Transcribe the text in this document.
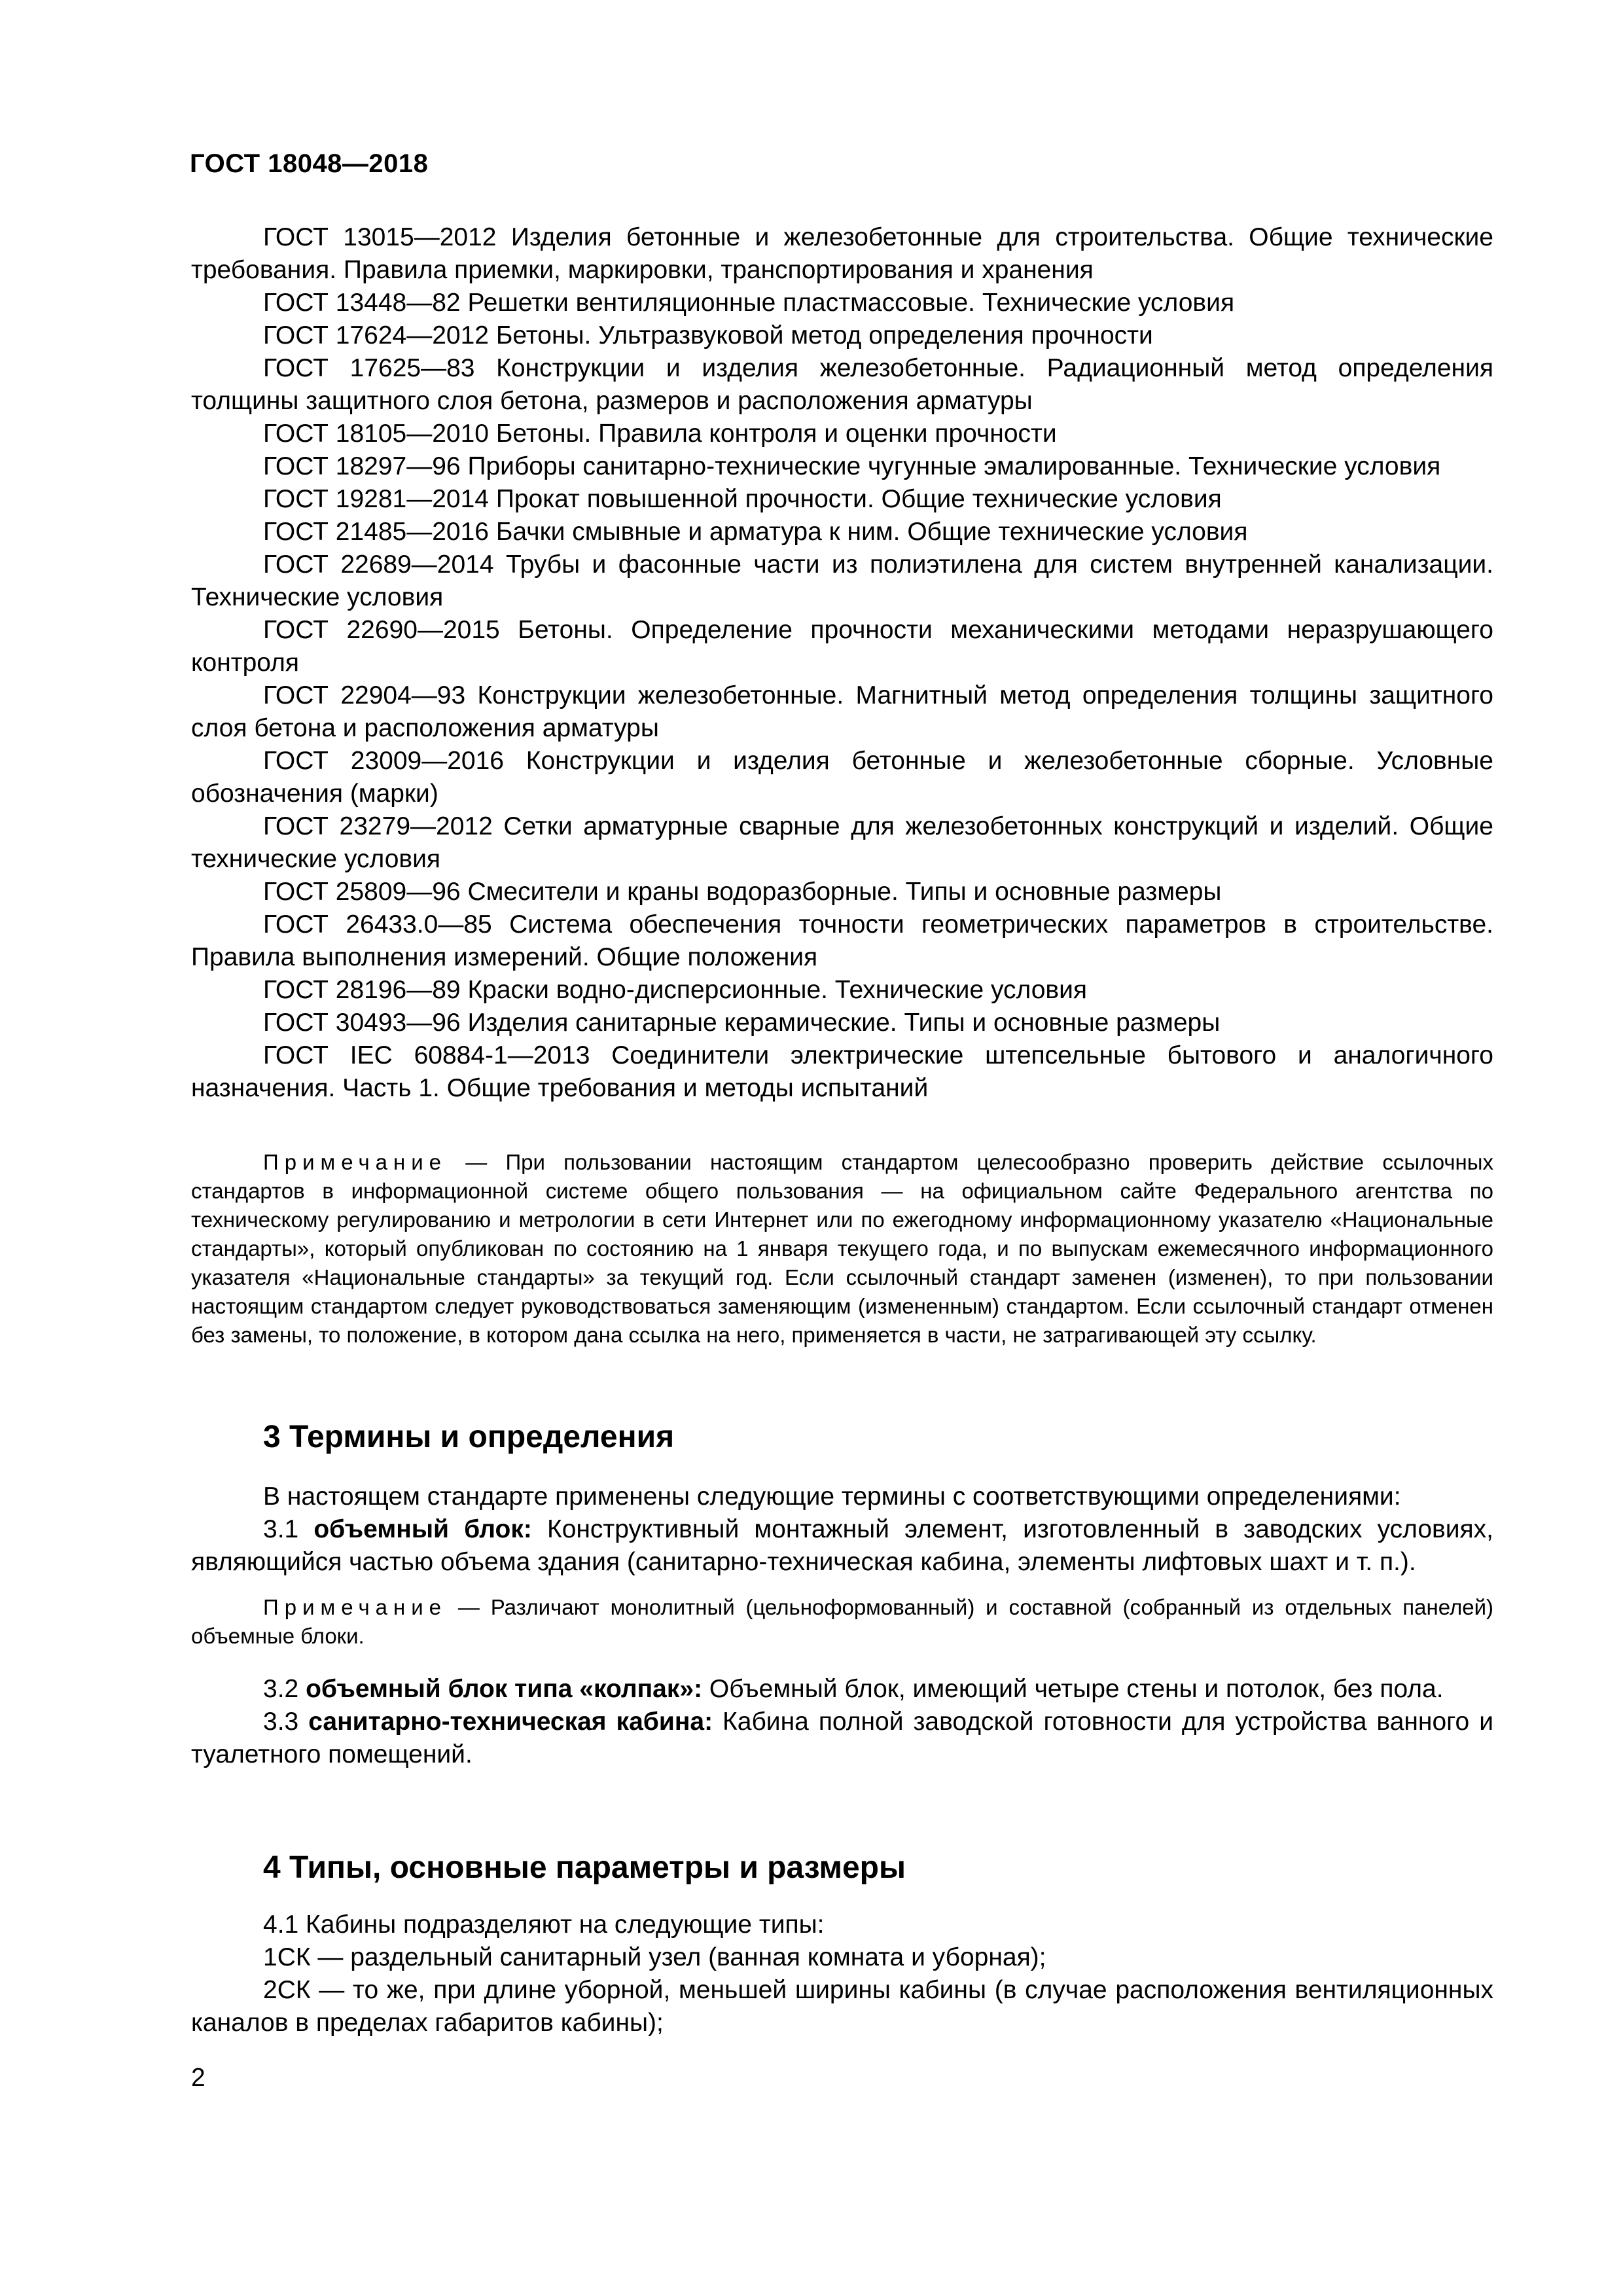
ГОСТ 18048—2018

ГОСТ 13015—2012 Изделия бетонные и железобетонные для строительства. Общие технические требования. Правила приемки, маркировки, транспортирования и хранения

ГОСТ 13448—82 Решетки вентиляционные пластмассовые. Технические условия

ГОСТ 17624—2012 Бетоны. Ультразвуковой метод определения прочности

ГОСТ 17625—83 Конструкции и изделия железобетонные. Радиационный метод определения толщины защитного слоя бетона, размеров и расположения арматуры

ГОСТ 18105—2010 Бетоны. Правила контроля и оценки прочности

ГОСТ 18297—96 Приборы санитарно-технические чугунные эмалированные. Технические условия

ГОСТ 19281—2014 Прокат повышенной прочности. Общие технические условия

ГОСТ 21485—2016 Бачки смывные и арматура к ним. Общие технические условия

ГОСТ 22689—2014 Трубы и фасонные части из полиэтилена для систем внутренней канализации. Технические условия

ГОСТ 22690—2015 Бетоны. Определение прочности механическими методами неразрушающего контроля

ГОСТ 22904—93 Конструкции железобетонные. Магнитный метод определения толщины защитного слоя бетона и расположения арматуры

ГОСТ 23009—2016 Конструкции и изделия бетонные и железобетонные сборные. Условные обозначения (марки)

ГОСТ 23279—2012 Сетки арматурные сварные для железобетонных конструкций и изделий. Общие технические условия

ГОСТ 25809—96 Смесители и краны водоразборные. Типы и основные размеры

ГОСТ 26433.0—85 Система обеспечения точности геометрических параметров в строительстве. Правила выполнения измерений. Общие положения

ГОСТ 28196—89 Краски водно-дисперсионные. Технические условия

ГОСТ 30493—96 Изделия санитарные керамические. Типы и основные размеры

ГОСТ IEC 60884-1—2013 Соединители электрические штепсельные бытового и аналогичного назначения. Часть 1. Общие требования и методы испытаний

Примечание — При пользовании настоящим стандартом целесообразно проверить действие ссылочных стандартов в информационной системе общего пользования — на официальном сайте Федерального агентства по техническому регулированию и метрологии в сети Интернет или по ежегодному информационному указателю «Национальные стандарты», который опубликован по состоянию на 1 января текущего года, и по выпускам ежемесячного информационного указателя «Национальные стандарты» за текущий год. Если ссылочный стандарт заменен (изменен), то при пользовании настоящим стандартом следует руководствоваться заменяющим (измененным) стандартом. Если ссылочный стандарт отменен без замены, то положение, в котором дана ссылка на него, применяется в части, не затрагивающей эту ссылку.

3 Термины и определения

В настоящем стандарте применены следующие термины с соответствующими определениями:

3.1 объемный блок: Конструктивный монтажный элемент, изготовленный в заводских условиях, являющийся частью объема здания (санитарно-техническая кабина, элементы лифтовых шахт и т. п.).

Примечание — Различают монолитный (цельноформованный) и составной (собранный из отдельных панелей) объемные блоки.

3.2 объемный блок типа «колпак»: Объемный блок, имеющий четыре стены и потолок, без пола.

3.3 санитарно-техническая кабина: Кабина полной заводской готовности для устройства ванного и туалетного помещений.

4 Типы, основные параметры и размеры

4.1 Кабины подразделяют на следующие типы:

1СК — раздельный санитарный узел (ванная комната и уборная);

2СК — то же, при длине уборной, меньшей ширины кабины (в случае расположения вентиляционных каналов в пределах габаритов кабины);

2
